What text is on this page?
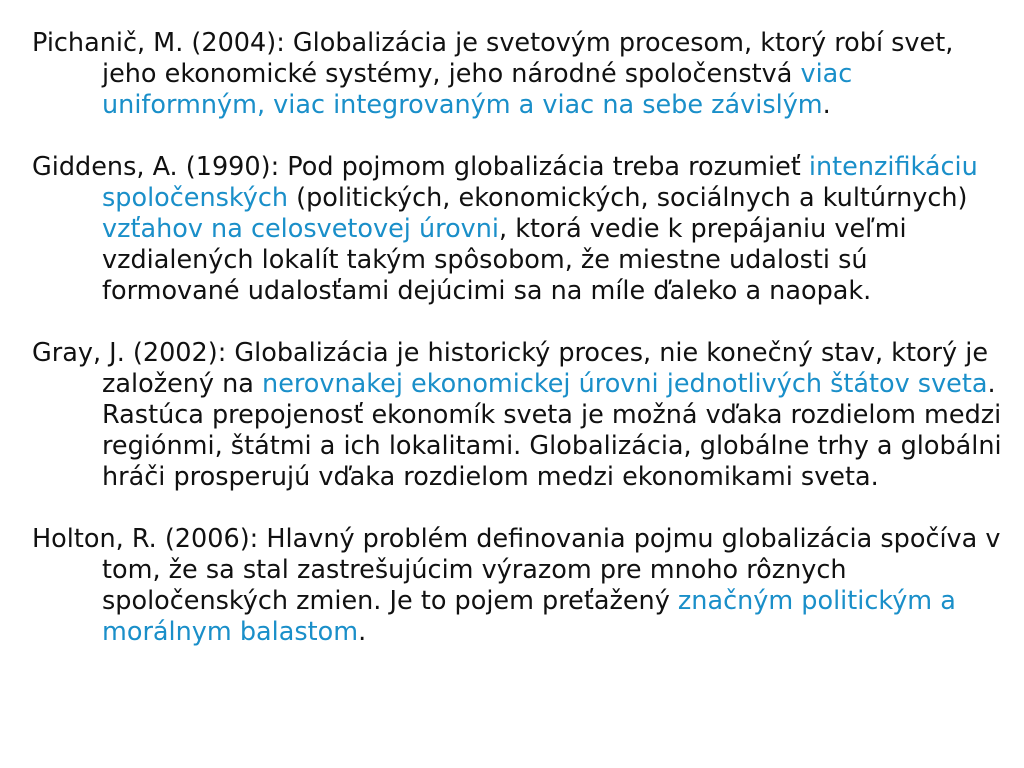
Pichanič, M. (2004): Globalizácia je svetovým procesom, ktorý robí svet, jeho ekonomické systémy, jeho národné spoločenstvá viac uniformným, viac integrovaným a viac na sebe závislým.

Giddens, A. (1990): Pod pojmom globalizácia treba rozumieť intenzifikáciu spoločenských (politických, ekonomických, sociálnych a kultúrnych) vzťahov na celosvetovej úrovni, ktorá vedie k prepájaniu veľmi vzdialených lokalít takým spôsobom, že miestne udalosti sú formované udalosťami dejúcimi sa na míle ďaleko a naopak.

Gray, J. (2002): Globalizácia je historický proces, nie konečný stav, ktorý je založený na nerovnakej ekonomickej úrovni jednotlivých štátov sveta. Rastúca prepojenosť ekonomík sveta je možná vďaka rozdielom medzi regiónmi, štátmi a ich lokalitami. Globalizácia, globálne trhy a globálni hráči prosperujú vďaka rozdielom medzi ekonomikami sveta.

Holton, R. (2006): Hlavný problém definovania pojmu globalizácia spočíva v tom, že sa stal zastrešujúcim výrazom pre mnoho rôznych spoločenských zmien. Je to pojem preťažený značným politickým a morálnym balastom.
